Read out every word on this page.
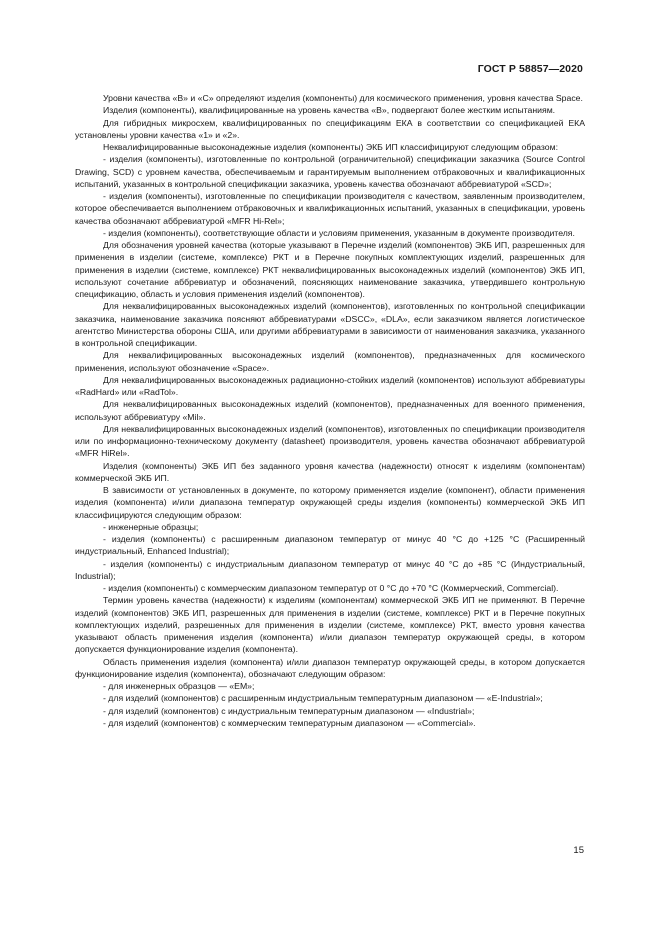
ГОСТ Р 58857—2020

Уровни качества «B» и «C» определяют изделия (компоненты) для космического применения, уровня качества Space.

Изделия (компоненты), квалифицированные на уровень качества «B», подвергают более жестким испытаниям.

Для гибридных микросхем, квалифицированных по спецификациям ЕКА в соответствии со спецификацией ЕКА установлены уровни качества «1» и «2».

Неквалифицированные высоконадежные изделия (компоненты) ЭКБ ИП классифицируют следующим образом:

- изделия (компоненты), изготовленные по контрольной (ограничительной) спецификации заказчика (Source Control Drawing, SCD) с уровнем качества, обеспечиваемым и гарантируемым выполнением отбраковочных и квалификационных испытаний, указанных в контрольной спецификации заказчика, уровень качества обозначают аббревиатурой «SCD»;

- изделия (компоненты), изготовленные по спецификации производителя с качеством, заявленным производителем, которое обеспечивается выполнением отбраковочных и квалификационных испытаний, указанных в спецификации, уровень качества обозначают аббревиатурой «MFR Hi-Rel»;

- изделия (компоненты), соответствующие области и условиям применения, указанным в документе производителя.

Для обозначения уровней качества (которые указывают в Перечне изделий (компонентов) ЭКБ ИП, разрешенных для применения в изделии (системе, комплексе) РКТ и в Перечне покупных комплектующих изделий, разрешенных для применения в изделии (системе, комплексе) РКТ неквалифицированных высоконадежных изделий (компонентов) ЭКБ ИП, используют сочетание аббревиатур и обозначений, поясняющих наименование заказчика, утвердившего контрольную спецификацию, область и условия применения изделий (компонентов).

Для неквалифицированных высоконадежных изделий (компонентов), изготовленных по контрольной спецификации заказчика, наименование заказчика поясняют аббревиатурами «DSCC», «DLA», если заказчиком является логистическое агентство Министерства обороны США, или другими аббревиатурами в зависимости от наименования заказчика, указанного в контрольной спецификации.

Для неквалифицированных высоконадежных изделий (компонентов), предназначенных для космического применения, используют обозначение «Space».

Для неквалифицированных высоконадежных радиационно-стойких изделий (компонентов) используют аббревиатуры «RadHard» или «RadTol».

Для неквалифицированных высоконадежных изделий (компонентов), предназначенных для военного применения, используют аббревиатуру «Mil».

Для неквалифицированных высоконадежных изделий (компонентов), изготовленных по спецификации производителя или по информационно-техническому документу (datasheet) производителя, уровень качества обозначают аббревиатурой «MFR HiRel».

Изделия (компоненты) ЭКБ ИП без заданного уровня качества (надежности) относят к изделиям (компонентам) коммерческой ЭКБ ИП.

В зависимости от установленных в документе, по которому применяется изделие (компонент), области применения изделия (компонента) и/или диапазона температур окружающей среды изделия (компоненты) коммерческой ЭКБ ИП классифицируются следующим образом:

- инженерные образцы;

- изделия (компоненты) с расширенным диапазоном температур от минус 40 °С до +125 °С (Расширенный индустриальный, Enhanced Industrial);

- изделия (компоненты) с индустриальным диапазоном температур от минус 40 °С до +85 °С (Индустриальный, Industrial);

- изделия (компоненты) с коммерческим диапазоном температур от 0 °С до +70 °С (Коммерческий, Commercial).

Термин уровень качества (надежности) к изделиям (компонентам) коммерческой ЭКБ ИП не применяют. В Перечне изделий (компонентов) ЭКБ ИП, разрешенных для применения в изделии (системе, комплексе) РКТ и в Перечне покупных комплектующих изделий, разрешенных для применения в изделии (системе, комплексе) РКТ, вместо уровня качества указывают область применения изделия (компонента) и/или диапазон температур окружающей среды, в котором допускается функционирование изделия (компонента).

Область применения изделия (компонента) и/или диапазон температур окружающей среды, в котором допускается функционирование изделия (компонента), обозначают следующим образом:

- для инженерных образцов — «EM»;

- для изделий (компонентов) с расширенным индустриальным температурным диапазоном — «E-Industrial»;

- для изделий (компонентов) с индустриальным температурным диапазоном — «Industrial»;

- для изделий (компонентов) с коммерческим температурным диапазоном — «Commercial».

15
